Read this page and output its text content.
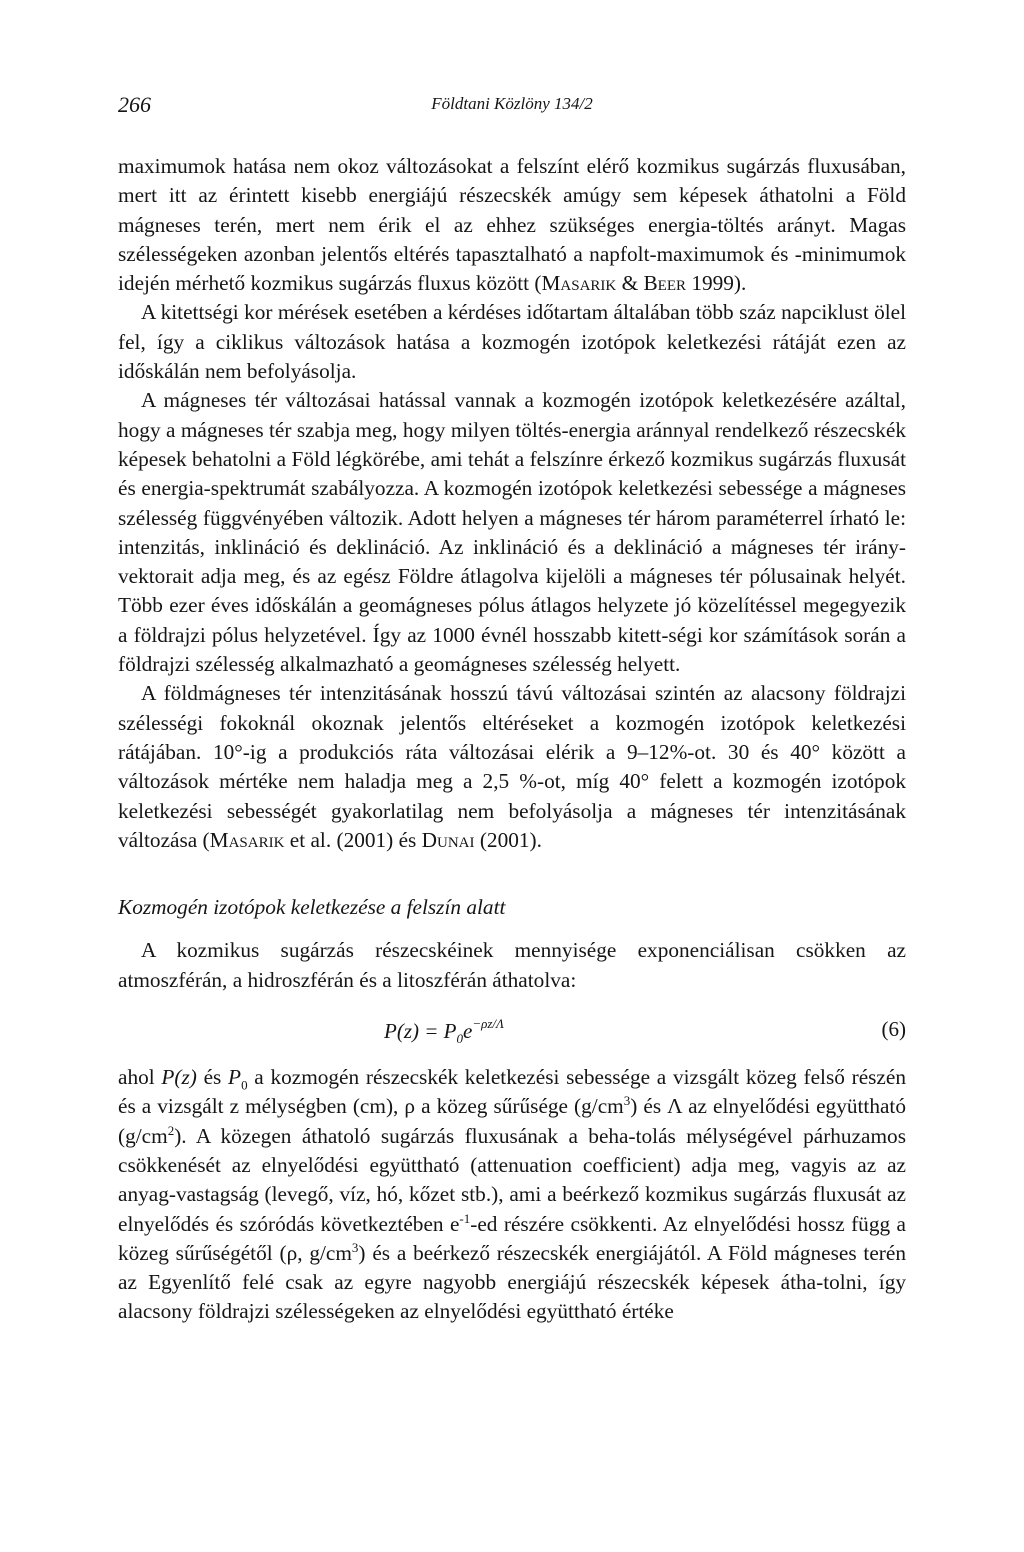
266	Földtani Közlöny 134/2

maximumok hatása nem okoz változásokat a felszínt elérő kozmikus sugárzás fluxusában, mert itt az érintett kisebb energiájú részecskék amúgy sem képesek áthatolni a Föld mágneses terén, mert nem érik el az ehhez szükséges energia-töltés arányt. Magas szélességeken azonban jelentős eltérés tapasztalható a napfolt-maximumok és -minimumok idején mérhető kozmikus sugárzás fluxus között (Masarik & Beer 1999).

A kitettségi kor mérések esetében a kérdéses időtartam általában több száz napciklust ölel fel, így a ciklikus változások hatása a kozmogén izotópok keletkezési rátáját ezen az időskálán nem befolyásolja.

A mágneses tér változásai hatással vannak a kozmogén izotópok keletkezésére azáltal, hogy a mágneses tér szabja meg, hogy milyen töltés-energia aránnyal rendelkező részecskék képesek behatolni a Föld légkörébe, ami tehát a felszínre érkező kozmikus sugárzás fluxusát és energia-spektrumát szabályozza. A kozmogén izotópok keletkezési sebessége a mágneses szélesség függvényében változik. Adott helyen a mágneses tér három paraméterrel írható le: intenzitás, inklináció és deklináció. Az inklináció és a deklináció a mágneses tér irány-vektorait adja meg, és az egész Földre átlagolva kijelöli a mágneses tér pólusainak helyét. Több ezer éves időskálán a geomágneses pólus átlagos helyzete jó közelítéssel megegyezik a földrajzi pólus helyzetével. Így az 1000 évnél hosszabb kitett-ségi kor számítások során a földrajzi szélesség alkalmazható a geomágneses szélesség helyett.

A földmágneses tér intenzitásának hosszú távú változásai szintén az alacsony földrajzi szélességi fokoknál okoznak jelentős eltéréseket a kozmogén izotópok keletkezési rátájában. 10°-ig a produkciós ráta változásai elérik a 9–12%-ot. 30 és 40° között a változások mértéke nem haladja meg a 2,5 %-ot, míg 40° felett a kozmogén izotópok keletkezési sebességét gyakorlatilag nem befolyásolja a mágneses tér intenzitásának változása (Masarik et al. (2001) és Dunai (2001).

Kozmogén izotópok keletkezése a felszín alatt

A kozmikus sugárzás részecskéinek mennyisége exponenciálisan csökken az atmoszférán, a hidroszférán és a litoszférán áthatolva:

$P(z) = P_0e^{-\rho z/\Lambda}$	(6)

ahol P(z) és $P_0$ a kozmogén részecskék keletkezési sebessége a vizsgált közeg felső részén és a vizsgált z mélységben (cm), ρ a közeg sűrűsége $(g/cm^3)$ és Λ az elnyelődési együttható $(g/cm^2)$. A közegen áthatoló sugárzás fluxusának a beha-tolás mélységével párhuzamos csökkenését az elnyelődési együttható (attenuation coefficient) adja meg, vagyis az az anyag-vastagság (levegő, víz, hó, kőzet stb.), ami a beérkező kozmikus sugárzás fluxusát az elnyelődés és szóródás következtében $e^{-1}-ed$ részére csökkenti. Az elnyelődési hossz függ a közeg sűrűségétől (ρ, $g/cm^3$) és a beérkező részecskék energiájától. A Föld mágneses terén az Egyenlítő felé csak az egyre nagyobb energiájú részecskék képesek átha-tolni, így alacsony földrajzi szélességeken az elnyelődési együttható értéke
